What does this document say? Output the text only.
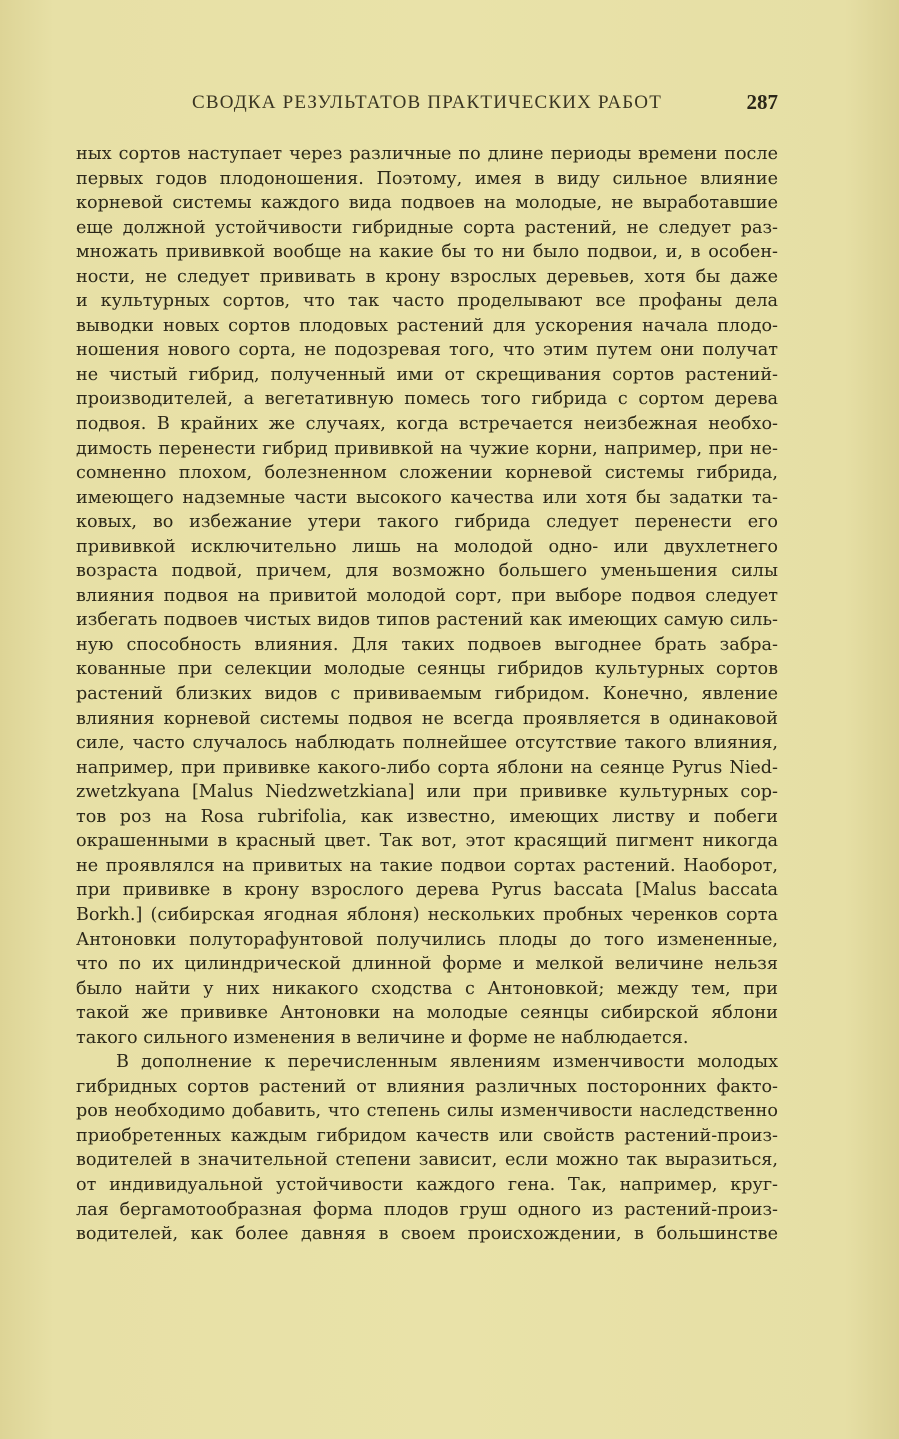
СВОДКА РЕЗУЛЬТАТОВ ПРАКТИЧЕСКИХ РАБОТ	287
ных сортов наступает через различные по длине периоды времени после
первых годов плодоношения. Поэтому, имея в виду сильное влияние
корневой системы каждого вида подвоев на молодые, не выработавшие
еще должной устойчивости гибридные сорта растений, не следует раз-
множать прививкой вообще на какие бы то ни было подвои, и, в особен-
ности, не следует прививать в крону взрослых деревьев, хотя бы даже
и культурных сортов, что так часто проделывают все профаны дела
выводки новых сортов плодовых растений для ускорения начала плодо-
ношения нового сорта, не подозревая того, что этим путем они получат
не чистый гибрид, полученный ими от скрещивания сортов растений-
производителей, а вегетативную помесь того гибрида с сортом дерева
подвоя. В крайних же случаях, когда встречается неизбежная необхо-
димость перенести гибрид прививкой на чужие корни, например, при не-
сомненно плохом, болезненном сложении корневой системы гибрида,
имеющего надземные части высокого качества или хотя бы задатки та-
ковых, во избежание утери такого гибрида следует перенести его
прививкой исключительно лишь на молодой одно- или двухлетнего
возраста подвой, причем, для возможно большего уменьшения силы
влияния подвоя на привитой молодой сорт, при выборе подвоя следует
избегать подвоев чистых видов типов растений как имеющих самую силь-
ную способность влияния. Для таких подвоев выгоднее брать забра-
кованные при селекции молодые сеянцы гибридов культурных сортов
растений близких видов с прививаемым гибридом. Конечно, явление
влияния корневой системы подвоя не всегда проявляется в одинаковой
силе, часто случалось наблюдать полнейшее отсутствие такого влияния,
например, при прививке какого-либо сорта яблони на сеянце Pyrus Nied-
zwetzkyana [Malus Niedzwetzkiana] или при прививке культурных сор-
тов роз на Rosa rubrifolia, как известно, имеющих листву и побеги
окрашенными в красный цвет. Так вот, этот красящий пигмент никогда
не проявлялся на привитых на такие подвои сортах растений. Наоборот,
при прививке в крону взрослого дерева Pyrus baccata [Malus baccata
Borkh.] (сибирская ягодная яблоня) нескольких пробных черенков сорта
Антоновки полуторафунтовой получились плоды до того измененные,
что по их цилиндрической длинной форме и мелкой величине нельзя
было найти у них никакого сходства с Антоновкой; между тем, при
такой же прививке Антоновки на молодые сеянцы сибирской яблони
такого сильного изменения в величине и форме не наблюдается.
В дополнение к перечисленным явлениям изменчивости молодых
гибридных сортов растений от влияния различных посторонних факто-
ров необходимо добавить, что степень силы изменчивости наследственно
приобретенных каждым гибридом качеств или свойств растений-произ-
водителей в значительной степени зависит, если можно так выразиться,
от индивидуальной устойчивости каждого гена. Так, например, круг-
лая бергамотообразная форма плодов груш одного из растений-произ-
водителей, как более давняя в своем происхождении, в большинстве
